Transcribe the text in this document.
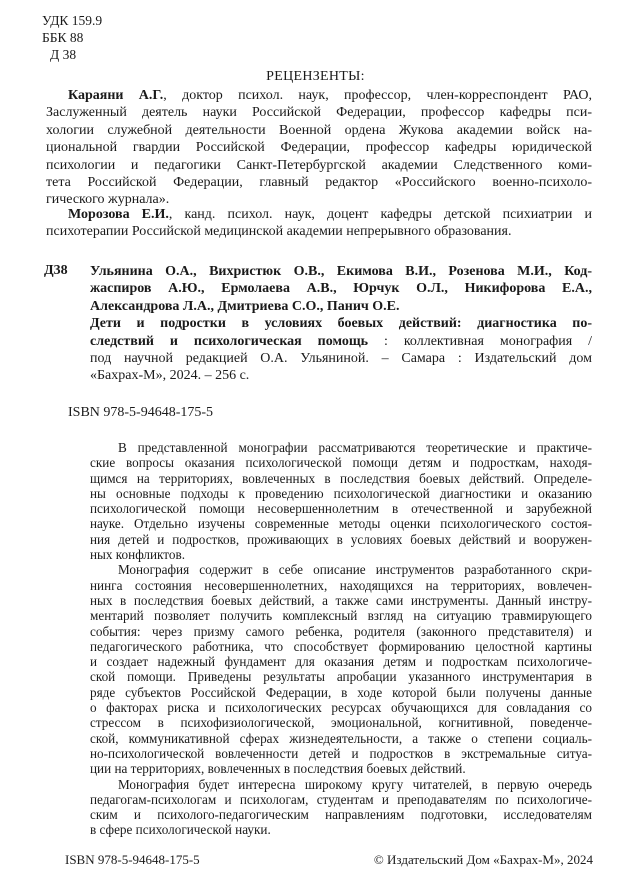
УДК 159.9
ББК 88
Д 38
РЕЦЕНЗЕНТЫ:
Караяни А.Г., доктор психол. наук, профессор, член-корреспондент РАО,
Заслуженный деятель науки Российской Федерации, профессор кафедры пси-
хологии служебной деятельности Военной ордена Жукова академии войск на-
циональной гвардии Российской Федерации, профессор кафедры юридической
психологии и педагогики Санкт-Петербургской академии Следственного коми-
тета Российской Федерации, главный редактор «Российского военно-психоло-
гического журнала».
Морозова Е.И., канд. психол. наук, доцент кафедры детской психиатрии и
психотерапии Российской медицинской академии непрерывного образования.
Д38 Ульянина О.А., Вихристюк О.В., Екимова В.И., Розенова М.И., Код-
жаспиров А.Ю., Ермолаева А.В., Юрчук О.Л., Никифорова Е.А.,
Александрова Л.А., Дмитриева С.О., Панич О.Е.
Дети и подростки в условиях боевых действий: диагностика по-
следствий и психологическая помощь : коллективная монография /
под научной редакцией О.А. Ульяниной. – Самара : Издательский дом
«Бахрах-М», 2024. – 256 с.
ISBN 978-5-94648-175-5
В представленной монографии рассматриваются теоретические и практиче-
ские вопросы оказания психологической помощи детям и подросткам, находя-
щимся на территориях, вовлеченных в последствия боевых действий. Определе-
ны основные подходы к проведению психологической диагностики и оказанию
психологической помощи несовершеннолетним в отечественной и зарубежной
науке. Отдельно изучены современные методы оценки психологического состоя-
ния детей и подростков, проживающих в условиях боевых действий и вооружен-
ных конфликтов.
Монография содержит в себе описание инструментов разработанного скри-
нинга состояния несовершеннолетних, находящихся на территориях, вовлечен-
ных в последствия боевых действий, а также сами инструменты. Данный инстру-
ментарий позволяет получить комплексный взгляд на ситуацию травмирующего
события: через призму самого ребенка, родителя (законного представителя) и
педагогического работника, что способствует формированию целостной картины
и создает надежный фундамент для оказания детям и подросткам психологиче-
ской помощи. Приведены результаты апробации указанного инструментария в
ряде субъектов Российской Федерации, в ходе которой были получены данные
о факторах риска и психологических ресурсах обучающихся для совладания со
стрессом в психофизиологической, эмоциональной, когнитивной, поведенче-
ской, коммуникативной сферах жизнедеятельности, а также о степени социаль-
но-психологической вовлеченности детей и подростков в экстремальные ситуа-
ции на территориях, вовлеченных в последствия боевых действий.
Монография будет интересна широкому кругу читателей, в первую очередь
педагогам-психологам и психологам, студентам и преподавателям по психологиче-
ским и психолого-педагогическим направлениям подготовки, исследователям
в сфере психологической науки.
ISBN 978-5-94648-175-5	© Издательский Дом «Бахрах-М», 2024
